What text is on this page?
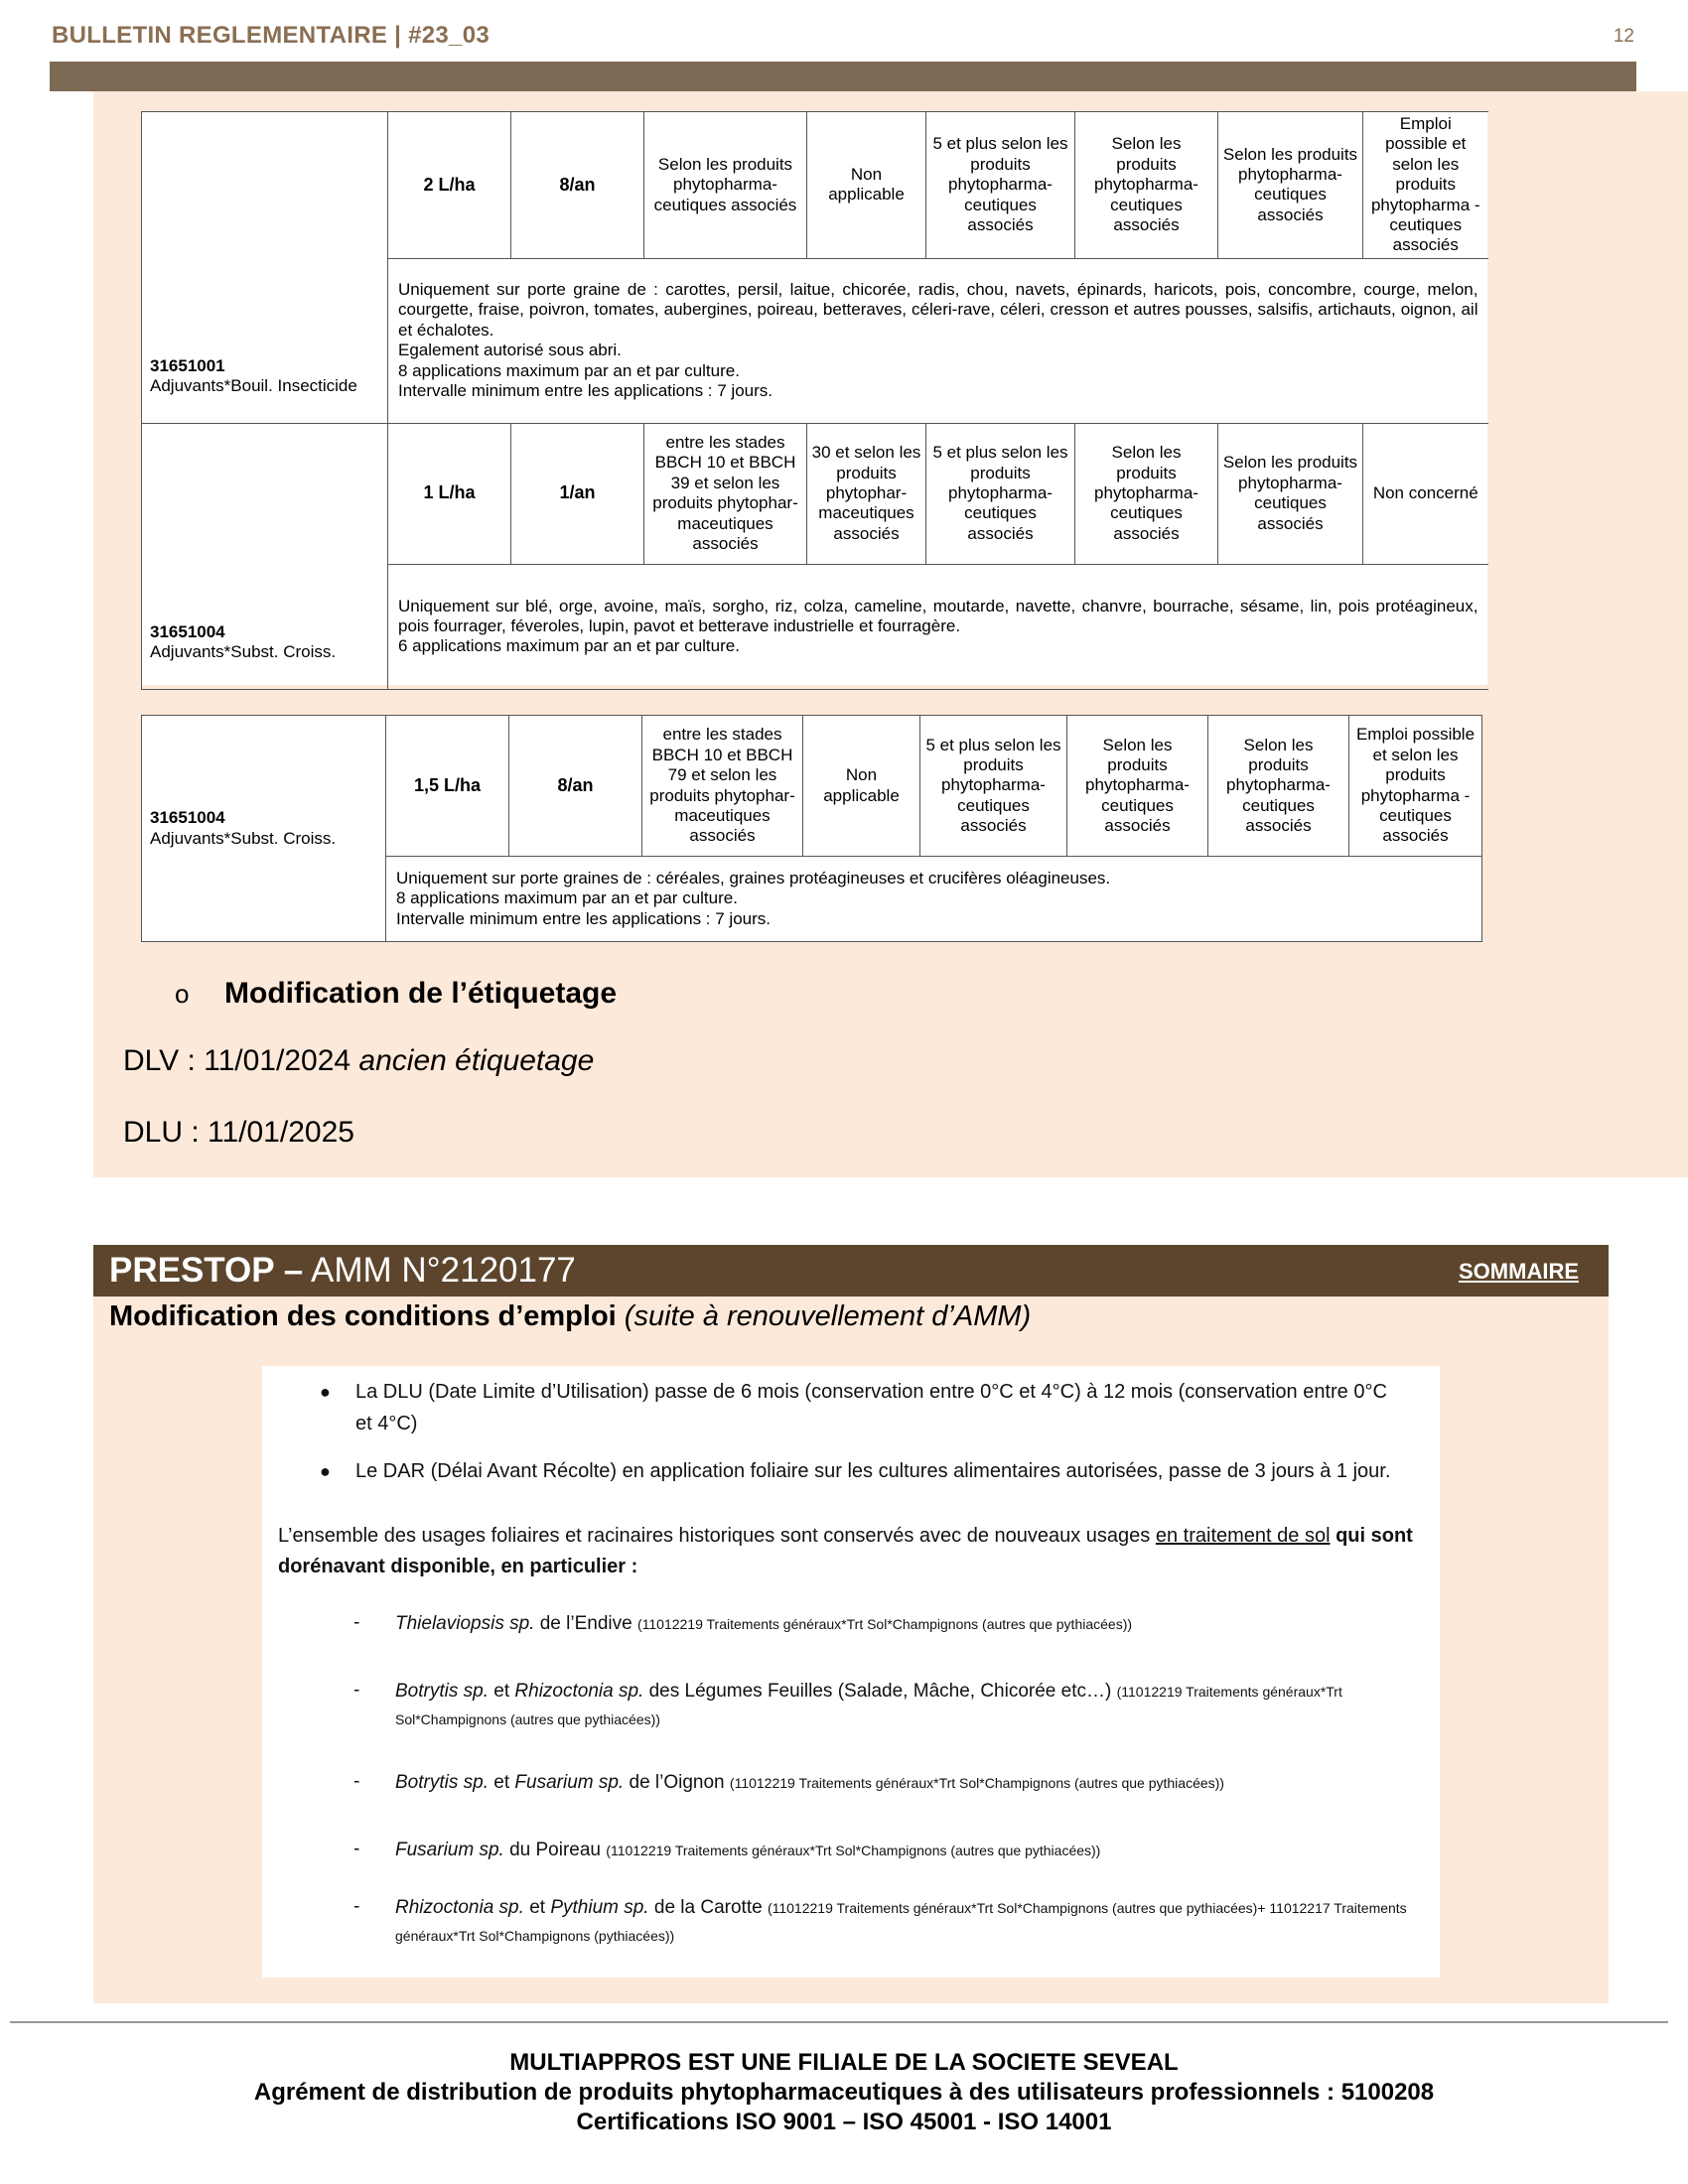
BULLETIN REGLEMENTAIRE | #23_03	12
31651001
Adjuvants*Bouil. Insecticide	2 L/ha	8/an	Selon les produits phytopharma-ceutiques associés	Non applicable	5 et plus selon les produits phytopharma-ceutiques associés	Selon les produits phytopharma-ceutiques associés	Selon les produits phytopharma-ceutiques associés	Emploi possible et selon les produits phytopharma -ceutiques associés

	Uniquement sur porte graine de : carottes, persil, laitue, chicorée, radis, chou, navets, épinards, haricots, pois, concombre, courge, melon, courgette, fraise, poivron, tomates, aubergines, poireau, betteraves, céleri-rave, céleri, cresson et autres pousses, salsifis, artichauts, oignon, ail et échalotes.
Egalement autorisé sous abri.
8 applications maximum par an et par culture.
Intervalle minimum entre les applications : 7 jours.							

31651004
Adjuvants*Subst. Croiss.	1 L/ha	1/an	entre les stades BBCH 10 et BBCH 39 et selon les produits phytophar-maceutiques associés	30 et selon les produits phytophar-maceutiques associés	5 et plus selon les produits phytopharma-ceutiques associés	Selon les produits phytopharma-ceutiques associés	Selon les produits phytopharma-ceutiques associés	Non concerné

	Uniquement sur blé, orge, avoine, maïs, sorgho, riz, colza, cameline, moutarde, navette, chanvre, bourrache, sésame, lin, pois protéagineux, pois fourrager, féveroles, lupin, pavot et betterave industrielle et fourragère.
6 applications maximum par an et par culture.							
31651004
Adjuvants*Subst. Croiss.	1,5 L/ha	8/an	entre les stades BBCH 10 et BBCH 79 et selon les produits phytophar-maceutiques associés	Non applicable	5 et plus selon les produits phytopharma-ceutiques associés	Selon les produits phytopharma-ceutiques associés	Selon les produits phytopharma-ceutiques associés	Emploi possible et selon les produits phytopharma -ceutiques associés

Uniquement sur porte graines de : céréales, graines protéagineuses et crucifères oléagineuses.
8 applications maximum par an et par culture.
Intervalle minimum entre les applications : 7 jours.
o Modification de l’étiquetage
DLV : 11/01/2024 ancien étiquetage
DLU : 11/01/2025
PRESTOP – AMM N°2120177	SOMMAIRE
Modification des conditions d’emploi (suite à renouvellement d’AMM)
● La DLU (Date Limite d’Utilisation) passe de 6 mois (conservation entre 0°C et 4°C) à 12 mois (conservation entre 0°C et 4°C)
● Le DAR (Délai Avant Récolte) en application foliaire sur les cultures alimentaires autorisées, passe de 3 jours à 1 jour.
L’ensemble des usages foliaires et racinaires historiques sont conservés avec de nouveaux usages en traitement de sol qui sont dorénavant disponible, en particulier :
- Thielaviopsis sp. de l’Endive (11012219 Traitements généraux*Trt Sol*Champignons (autres que pythiacées))
- Botrytis sp. et Rhizoctonia sp. des Légumes Feuilles (Salade, Mâche, Chicorée etc…) (11012219 Traitements généraux*Trt Sol*Champignons (autres que pythiacées))
- Botrytis sp. et Fusarium sp. de l’Oignon (11012219 Traitements généraux*Trt Sol*Champignons (autres que pythiacées))
- Fusarium sp. du Poireau (11012219 Traitements généraux*Trt Sol*Champignons (autres que pythiacées))
- Rhizoctonia sp. et Pythium sp. de la Carotte (11012219 Traitements généraux*Trt Sol*Champignons (autres que pythiacées)+ 11012217 Traitements généraux*Trt Sol*Champignons (pythiacées))
MULTIAPPROS EST UNE FILIALE DE LA SOCIETE SEVEAL
Agrément de distribution de produits phytopharmaceutiques à des utilisateurs professionnels : 5100208
Certifications ISO 9001 – ISO 45001 - ISO 14001
